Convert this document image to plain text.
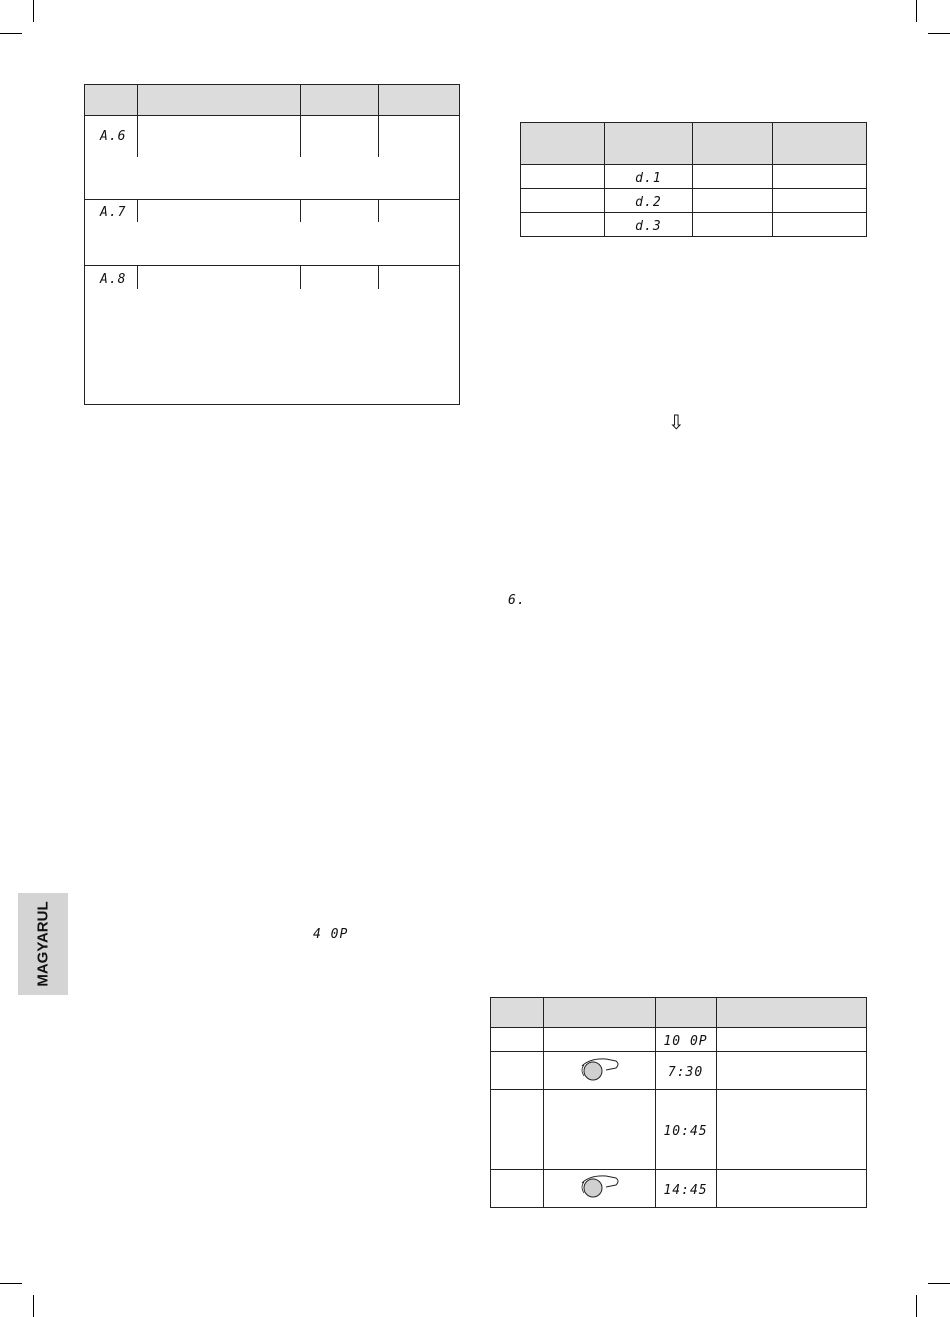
A.6
A.7
A.8

	d.1		
	d.2		
	d.3		
⇩
6.
4 0P
MAGYARUL

		10 0P	
		7:30	
		10:45	
		14:45	
